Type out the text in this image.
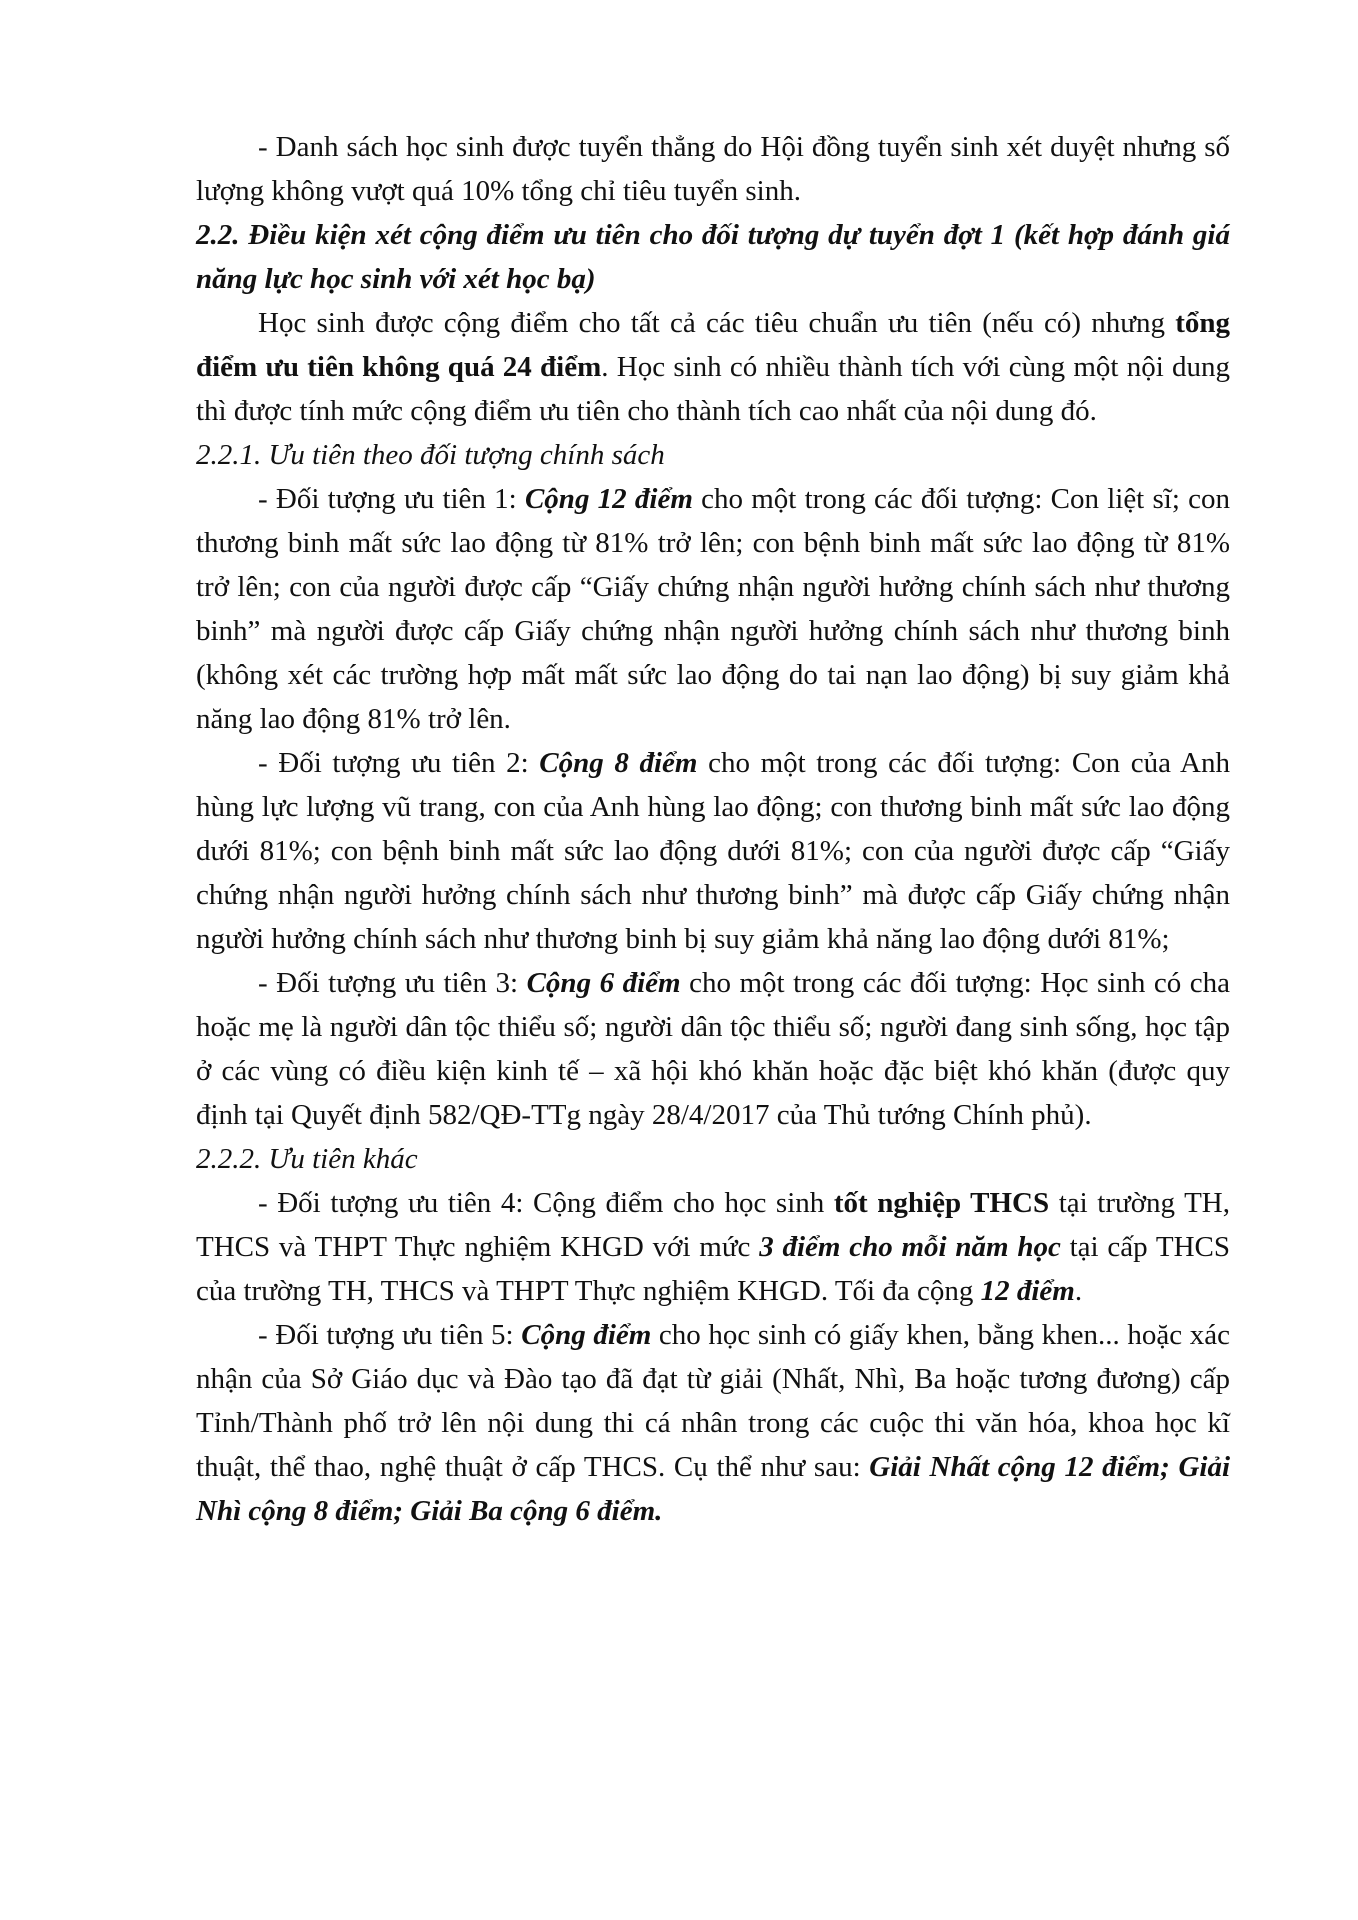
- Danh sách học sinh được tuyển thẳng do Hội đồng tuyển sinh xét duyệt nhưng số lượng không vượt quá 10% tổng chỉ tiêu tuyển sinh.

2.2. Điều kiện xét cộng điểm ưu tiên cho đối tượng dự tuyển đợt 1 (kết hợp đánh giá năng lực học sinh với xét học bạ)

Học sinh được cộng điểm cho tất cả các tiêu chuẩn ưu tiên (nếu có) nhưng tổng điểm ưu tiên không quá 24 điểm. Học sinh có nhiều thành tích với cùng một nội dung thì được tính mức cộng điểm ưu tiên cho thành tích cao nhất của nội dung đó.

2.2.1. Ưu tiên theo đối tượng chính sách

- Đối tượng ưu tiên 1: Cộng 12 điểm cho một trong các đối tượng: Con liệt sĩ; con thương binh mất sức lao động từ 81% trở lên; con bệnh binh mất sức lao động từ 81% trở lên; con của người được cấp “Giấy chứng nhận người hưởng chính sách như thương binh” mà người được cấp Giấy chứng nhận người hưởng chính sách như thương binh (không xét các trường hợp mất mất sức lao động do tai nạn lao động) bị suy giảm khả năng lao động 81% trở lên.

- Đối tượng ưu tiên 2: Cộng 8 điểm cho một trong các đối tượng: Con của Anh hùng lực lượng vũ trang, con của Anh hùng lao động; con thương binh mất sức lao động dưới 81%; con bệnh binh mất sức lao động dưới 81%; con của người được cấp “Giấy chứng nhận người hưởng chính sách như thương binh” mà được cấp Giấy chứng nhận người hưởng chính sách như thương binh bị suy giảm khả năng lao động dưới 81%;

- Đối tượng ưu tiên 3: Cộng 6 điểm cho một trong các đối tượng: Học sinh có cha hoặc mẹ là người dân tộc thiểu số; người dân tộc thiểu số; người đang sinh sống, học tập ở các vùng có điều kiện kinh tế – xã hội khó khăn hoặc đặc biệt khó khăn (được quy định tại Quyết định 582/QĐ-TTg ngày 28/4/2017 của Thủ tướng Chính phủ).

2.2.2. Ưu tiên khác

- Đối tượng ưu tiên 4: Cộng điểm cho học sinh tốt nghiệp THCS tại trường TH, THCS và THPT Thực nghiệm KHGD với mức 3 điểm cho mỗi năm học tại cấp THCS của trường TH, THCS và THPT Thực nghiệm KHGD. Tối đa cộng 12 điểm.

- Đối tượng ưu tiên 5: Cộng điểm cho học sinh có giấy khen, bằng khen... hoặc xác nhận của Sở Giáo dục và Đào tạo đã đạt từ giải (Nhất, Nhì, Ba hoặc tương đương) cấp Tỉnh/Thành phố trở lên nội dung thi cá nhân trong các cuộc thi văn hóa, khoa học kĩ thuật, thể thao, nghệ thuật ở cấp THCS. Cụ thể như sau: Giải Nhất cộng 12 điểm; Giải Nhì cộng 8 điểm; Giải Ba cộng 6 điểm.
